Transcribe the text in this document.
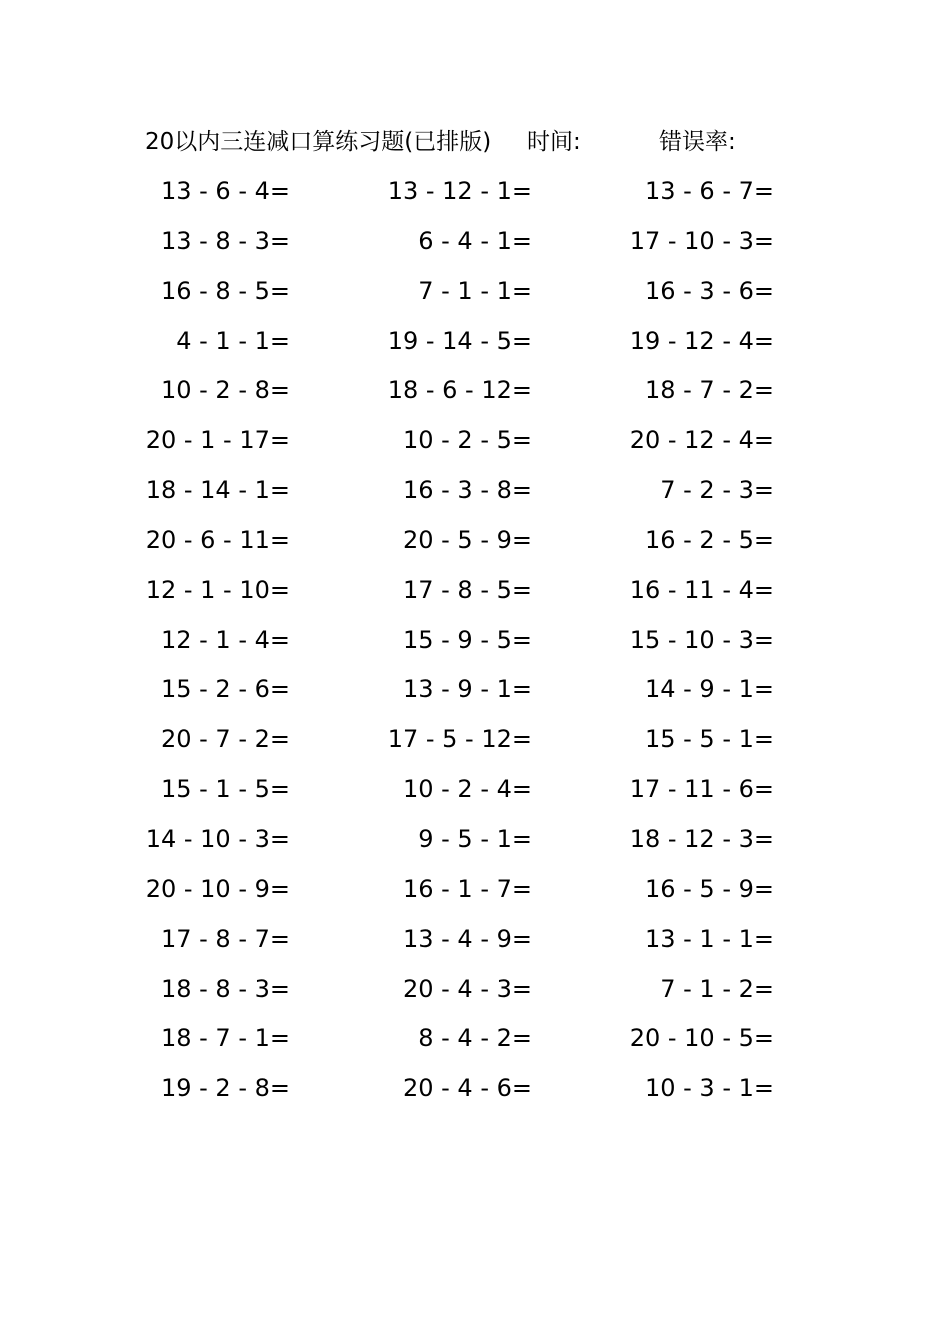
20以内三连减口算练习题(已排版) 时间:	错误率:
13 - 6 - 4=	13 - 12 - 1=	13 - 6 - 7=
13 - 8 - 3=	6 - 4 - 1=	17 - 10 - 3=
16 - 8 - 5=	7 - 1 - 1=	16 - 3 - 6=
4 - 1 - 1=	19 - 14 - 5=	19 - 12 - 4=
10 - 2 - 8=	18 - 6 - 12=	18 - 7 - 2=
20 - 1 - 17=	10 - 2 - 5=	20 - 12 - 4=
18 - 14 - 1=	16 - 3 - 8=	7 - 2 - 3=
20 - 6 - 11=	20 - 5 - 9=	16 - 2 - 5=
12 - 1 - 10=	17 - 8 - 5=	16 - 11 - 4=
12 - 1 - 4=	15 - 9 - 5=	15 - 10 - 3=
15 - 2 - 6=	13 - 9 - 1=	14 - 9 - 1=
20 - 7 - 2=	17 - 5 - 12=	15 - 5 - 1=
15 - 1 - 5=	10 - 2 - 4=	17 - 11 - 6=
14 - 10 - 3=	9 - 5 - 1=	18 - 12 - 3=
20 - 10 - 9=	16 - 1 - 7=	16 - 5 - 9=
17 - 8 - 7=	13 - 4 - 9=	13 - 1 - 1=
18 - 8 - 3=	20 - 4 - 3=	7 - 1 - 2=
18 - 7 - 1=	8 - 4 - 2=	20 - 10 - 5=
19 - 2 - 8=	20 - 4 - 6=	10 - 3 - 1=
